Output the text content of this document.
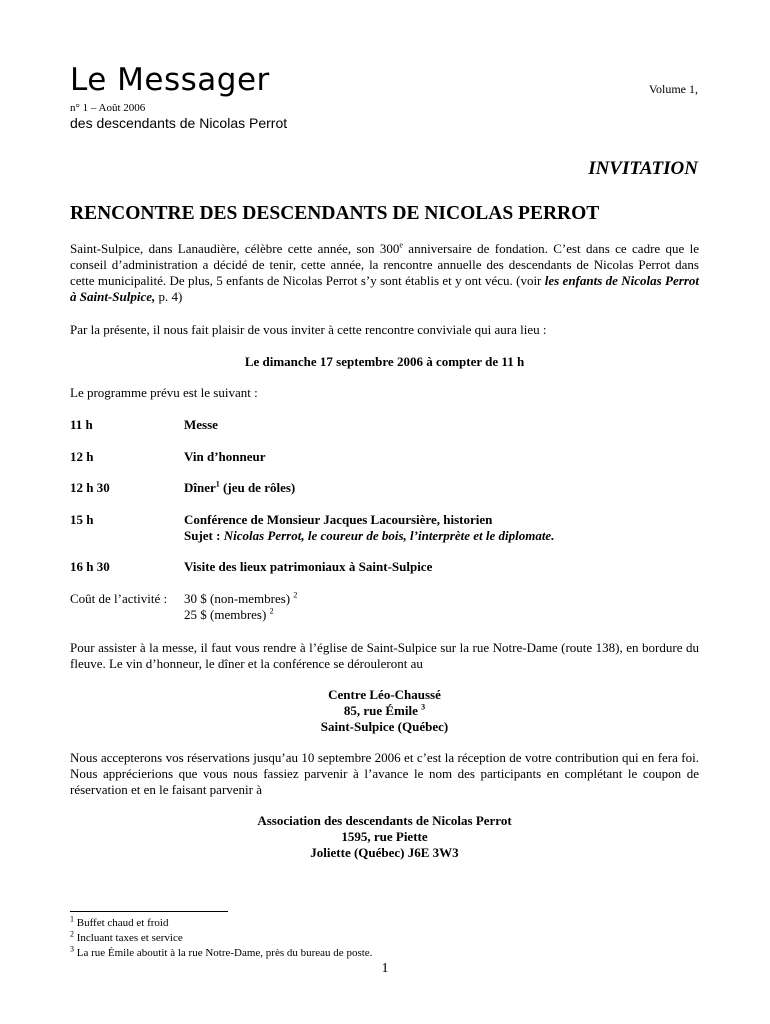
Le Messager	Volume 1,
n° 1 – Août 2006
des descendants de Nicolas Perrot
INVITATION
RENCONTRE DES DESCENDANTS DE NICOLAS PERROT
Saint-Sulpice, dans Lanaudière, célèbre cette année, son 300e anniversaire de fondation. C’est dans ce cadre que le conseil d’administration a décidé de tenir, cette année, la rencontre annuelle des descendants de Nicolas Perrot dans cette municipalité. De plus, 5 enfants de Nicolas Perrot s’y sont établis et y ont vécu. (voir les enfants de Nicolas Perrot à Saint-Sulpice, p. 4)
Par la présente, il nous fait plaisir de vous inviter à cette rencontre conviviale qui aura lieu :
Le dimanche 17 septembre 2006 à compter de 11 h
Le programme prévu est le suivant :
11 h	Messe
12 h	Vin d’honneur
12 h 30	Dîner$^1$ (jeu de rôles)
15 h	Conférence de Monsieur Jacques Lacoursière, historien
Sujet : Nicolas Perrot, le coureur de bois, l’interprète et le diplomate.
16 h 30	Visite des lieux patrimoniaux à Saint-Sulpice
Coût de l’activité : 30 $ (non-membres) $^2$
25 $ (membres) $^2$
Pour assister à la messe, il faut vous rendre à l’église de Saint-Sulpice sur la rue Notre-Dame (route 138), en bordure du fleuve. Le vin d’honneur, le dîner et la conférence se dérouleront au
Centre Léo-Chaussé
85, rue Émile $^3$
Saint-Sulpice (Québec)
Nous accepterons vos réservations jusqu’au 10 septembre 2006 et c’est la réception de votre contribution qui en fera foi. Nous apprécierions que vous nous fassiez parvenir à l’avance le nom des participants en complétant le coupon de réservation et en le faisant parvenir à
Association des descendants de Nicolas Perrot
1595, rue Piette
Joliette (Québec) J6E 3W3
$^1$ Buffet chaud et froid
$^2$ Incluant taxes et service
$^3$ La rue Émile aboutit à la rue Notre-Dame, près du bureau de poste.
1
